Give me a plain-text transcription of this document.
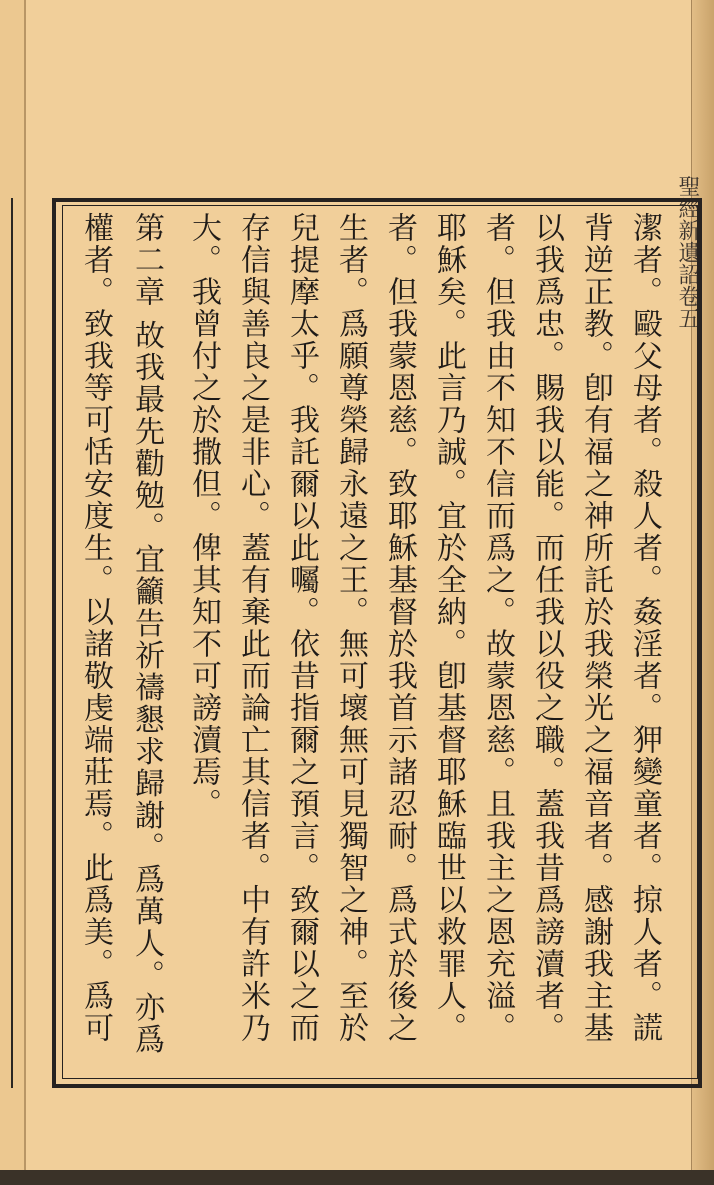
聖經新遺詔卷五
潔者。毆父母者。殺人者。姦淫者。狎變童者。掠人者。謊
背逆正教。卽有福之神所託於我榮光之福音者。感謝我主基
以我爲忠。賜我以能。而任我以役之職。蓋我昔爲謗瀆者。
者。但我由不知不信而爲之。故蒙恩慈。且我主之恩充溢。
耶穌矣。此言乃誠。宜於全納。卽基督耶穌臨世以救罪人。
者。但我蒙恩慈。致耶穌基督於我首示諸忍耐。爲式於後之
生者。爲願尊榮歸永遠之王。無可壞無可見獨智之神。至於
兒提摩太乎。我託爾以此囑。依昔指爾之預言。致爾以之而
存信與善良之是非心。蓋有棄此而論亡其信者。中有許米乃
大。我曾付之於撒但。俾其知不可謗瀆焉。
第二章 故我最先勸勉。宜籲告祈禱懇求歸謝。爲萬人。亦爲
權者。致我等可恬安度生。以諸敬虔端莊焉。此爲美。爲可
